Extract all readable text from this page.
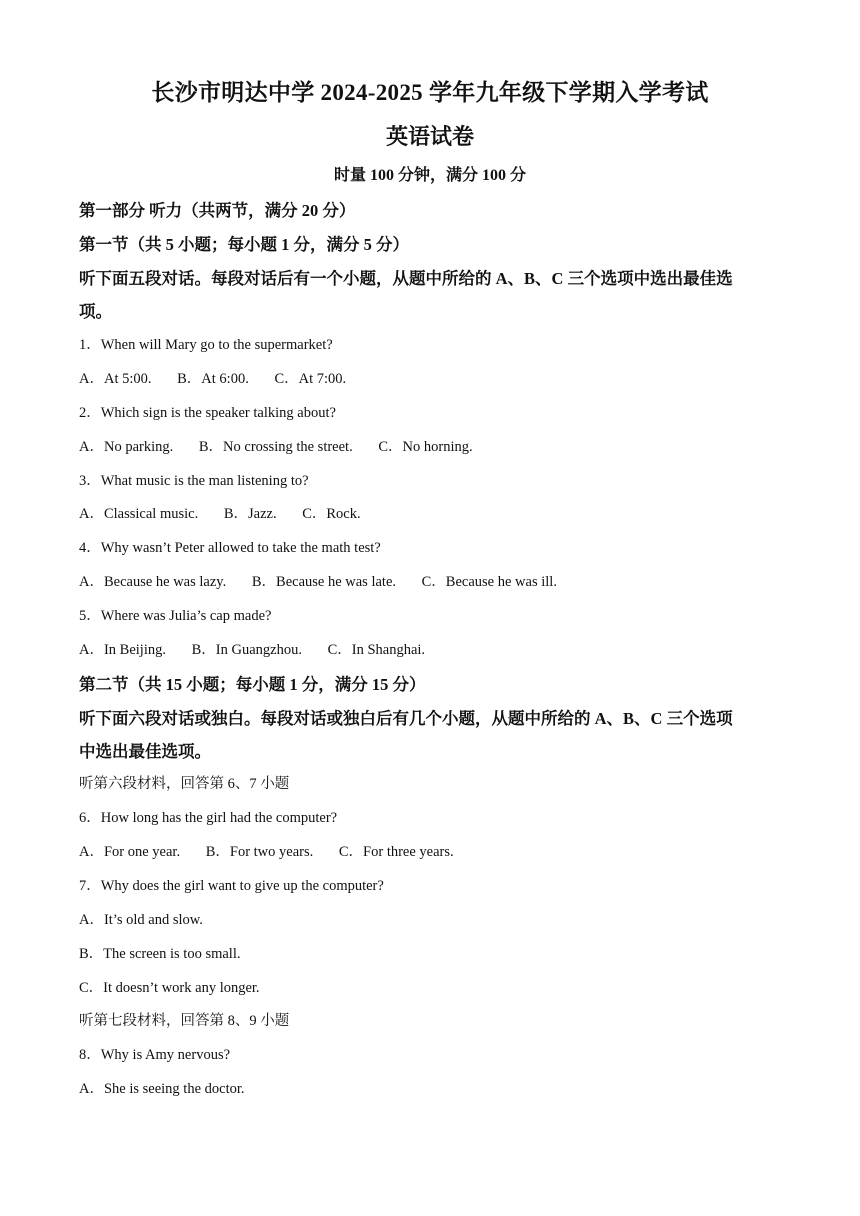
长沙市明达中学 2024-2025 学年九年级下学期入学考试
英语试卷
时量 100 分钟，满分 100 分
第一部分 听力（共两节，满分 20 分）
第一节（共 5 小题；每小题 1 分，满分 5 分）
听下面五段对话。每段对话后有一个小题，从题中所给的 A、B、C 三个选项中选出最佳选
项。
1．When will Mary go to the supermarket?
A．At 5:00. B．At 6:00. C．At 7:00.
2．Which sign is the speaker talking about?
A．No parking. B．No crossing the street. C．No horning.
3．What music is the man listening to?
A．Classical music. B．Jazz. C．Rock.
4．Why wasn’t Peter allowed to take the math test?
A．Because he was lazy. B．Because he was late. C．Because he was ill.
5．Where was Julia’s cap made?
A．In Beijing. B．In Guangzhou. C．In Shanghai.
第二节（共 15 小题；每小题 1 分，满分 15 分）
听下面六段对话或独白。每段对话或独白后有几个小题，从题中所给的 A、B、C 三个选项
中选出最佳选项。
听第六段材料，回答第 6、7 小题
6．How long has the girl had the computer?
A．For one year. B．For two years. C．For three years.
7．Why does the girl want to give up the computer?
A．It’s old and slow.
B．The screen is too small.
C．It doesn’t work any longer.
听第七段材料，回答第 8、9 小题
8．Why is Amy nervous?
A．She is seeing the doctor.
